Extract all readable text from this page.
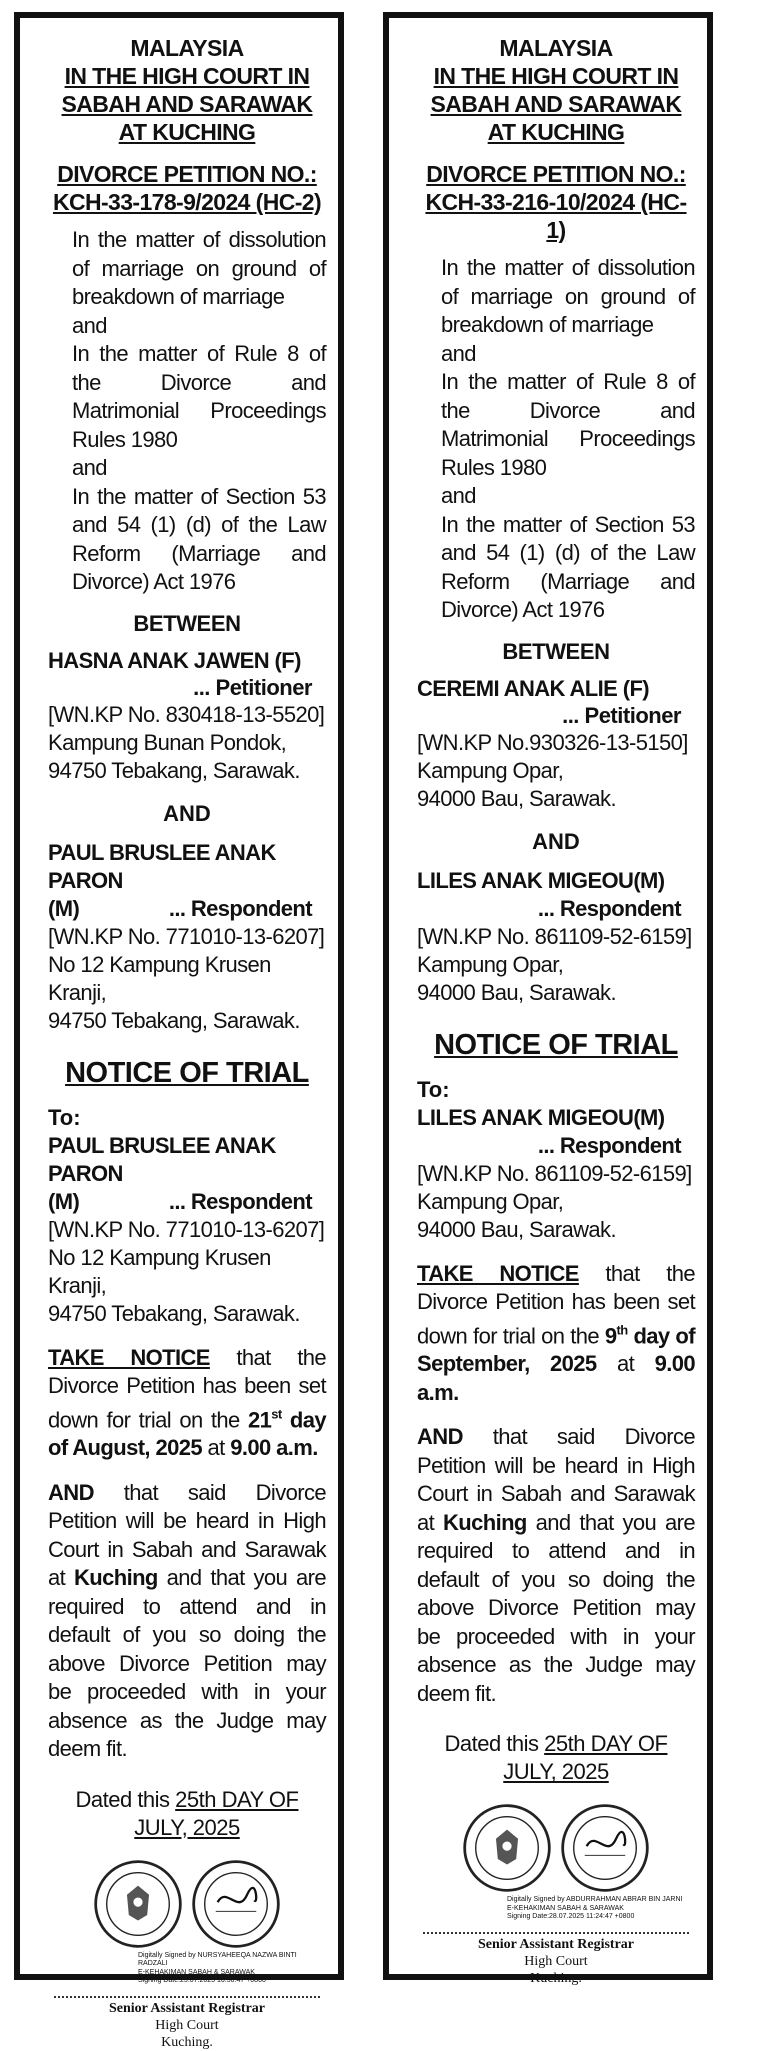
MALAYSIA
IN THE HIGH COURT IN
SABAH AND SARAWAK
AT KUCHING
DIVORCE PETITION NO.:
KCH-33-178-9/2024 (HC-2)

In the matter of dissolution of marriage on ground of breakdown of marriage

and

In the matter of Rule 8 of the Divorce and Matrimonial Proceedings Rules 1980

and

In the matter of Section 53 and 54 (1) (d) of the Law Reform (Marriage and Divorce) Act 1976

BETWEEN
HASNA ANAK JAWEN (F)
... Petitioner
[WN.KP No. 830418-13-5520]
Kampung Bunan Pondok,
94750 Tebakang, Sarawak.
AND
PAUL BRUSLEE ANAK PARON
(M)	... Respondent
[WN.KP No. 771010-13-6207]
No 12 Kampung Krusen Kranji,
94750 Tebakang, Sarawak.
NOTICE OF TRIAL
To:
PAUL BRUSLEE ANAK PARON
(M)	... Respondent
[WN.KP No. 771010-13-6207]
No 12 Kampung Krusen Kranji,
94750 Tebakang, Sarawak.
TAKE NOTICE that the Divorce Petition has been set down for trial on the 21st day of August, 2025 at 9.00 a.m.
AND that said Divorce Petition will be heard in High Court in Sabah and Sarawak at Kuching and that you are required to attend and in default of you so doing the above Divorce Petition may be proceeded with in your absence as the Judge may deem fit.
Dated this 25th DAY OF JULY, 2025
Digitally Signed by NURSYAHEEQA NAZWA BINTI RADZALI
E-KEHAKIMAN SABAH & SARAWAK
Signing Date:25.07.2025 16:50:47 +0800
Senior Assistant Registrar
High Court
Kuching.
MALAYSIA
IN THE HIGH COURT IN
SABAH AND SARAWAK
AT KUCHING
DIVORCE PETITION NO.:
KCH-33-216-10/2024 (HC-1)

In the matter of dissolution of marriage on ground of breakdown of marriage

and

In the matter of Rule 8 of the Divorce and Matrimonial Proceedings Rules 1980

and

In the matter of Section 53 and 54 (1) (d) of the Law Reform (Marriage and Divorce) Act 1976

BETWEEN
CEREMI ANAK ALIE (F)
... Petitioner
[WN.KP No.930326-13-5150]
Kampung Opar,
94000 Bau, Sarawak.
AND
LILES ANAK MIGEOU(M)
... Respondent
[WN.KP No. 861109-52-6159]
Kampung Opar,
94000 Bau, Sarawak.
NOTICE OF TRIAL
To:
LILES ANAK MIGEOU(M)
... Respondent
[WN.KP No. 861109-52-6159]
Kampung Opar,
94000 Bau, Sarawak.
TAKE NOTICE that the Divorce Petition has been set down for trial on the 9th day of September, 2025 at 9.00 a.m.
AND that said Divorce Petition will be heard in High Court in Sabah and Sarawak at Kuching and that you are required to attend and in default of you so doing the above Divorce Petition may be proceeded with in your absence as the Judge may deem fit.
Dated this 25th DAY OF JULY, 2025
Digitally Signed by ABDURRAHMAN ABRAR BIN JARNI
E-KEHAKIMAN SABAH & SARAWAK
Signing Date:28.07.2025 11:24:47 +0800
Senior Assistant Registrar
High Court
Kuching.
